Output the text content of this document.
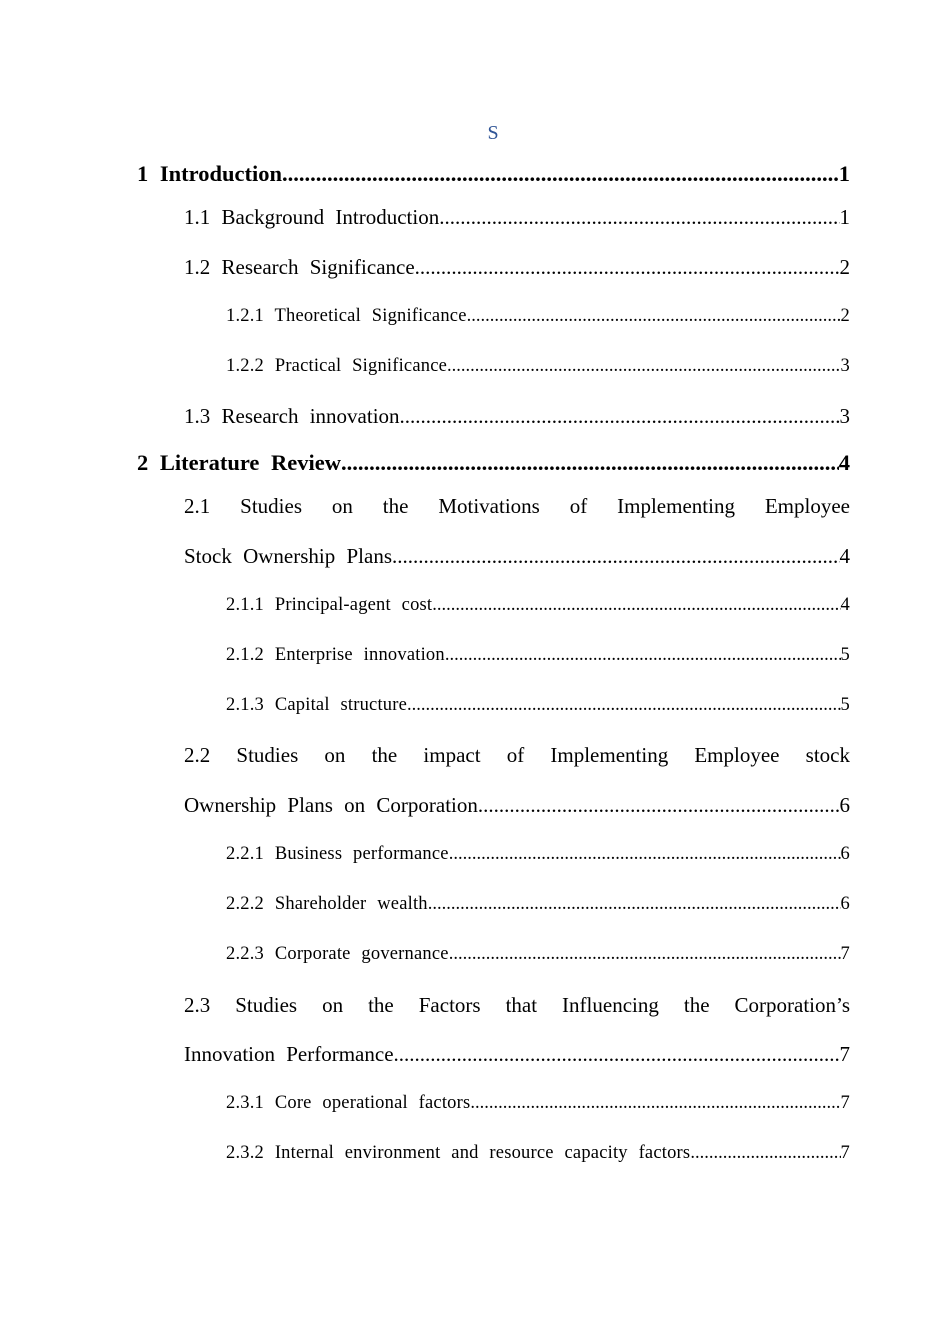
S
1 Introduction .....	1
1.1 Background Introduction .....	1
1.2 Research Significance .....	2
1.2.1 Theoretical Significance .....	2
1.2.2 Practical Significance .....	3
1.3 Research innovation .....	3
2 Literature Review .....	4
2.1 Studies on the Motivations of Implementing Employee
Stock Ownership Plans .....	4
2.1.1 Principal-agent cost .....	4
2.1.2 Enterprise innovation .....	5
2.1.3 Capital structure .....	5
2.2 Studies on the impact of Implementing Employee stock
Ownership Plans on Corporation .....	6
2.2.1 Business performance .....	6
2.2.2 Shareholder wealth .....	6
2.2.3 Corporate governance .....	7
2.3 Studies on the Factors that Influencing the Corporation’s
Innovation Performance .....	7
2.3.1 Core operational factors .....	7
2.3.2 Internal environment and resource capacity factors .....	7
